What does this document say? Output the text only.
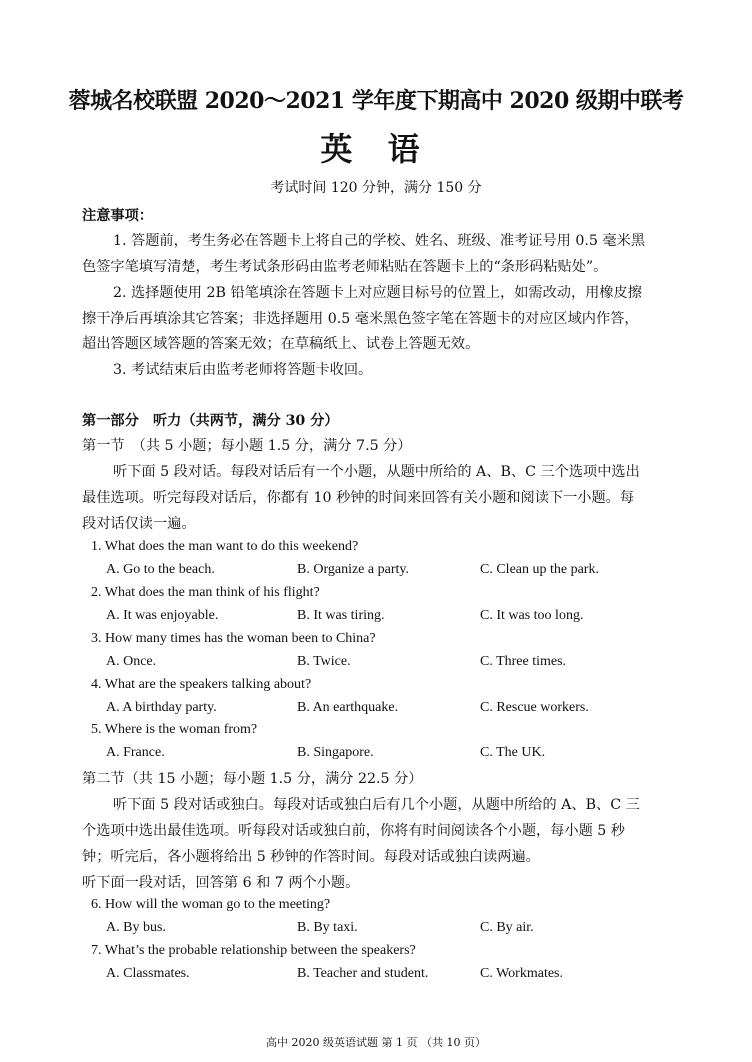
蓉城名校联盟 2020～2021 学年度下期高中 2020 级期中联考
英 语
考试时间 120 分钟，满分 150 分
注意事项：
1. 答题前，考生务必在答题卡上将自己的学校、姓名、班级、准考证号用 0.5 毫米黑
色签字笔填写清楚，考生考试条形码由监考老师粘贴在答题卡上的“条形码粘贴处”。
2. 选择题使用 2B 铅笔填涂在答题卡上对应题目标号的位置上，如需改动，用橡皮擦
擦干净后再填涂其它答案；非选择题用 0.5 毫米黑色签字笔在答题卡的对应区域内作答，
超出答题区域答题的答案无效；在草稿纸上、试卷上答题无效。
3. 考试结束后由监考老师将答题卡收回。
第一部分　听力（共两节，满分 30 分）
第一节　（共 5 小题；每小题 1.5 分，满分 7.5 分）
听下面 5 段对话。每段对话后有一个小题，从题中所给的 A、B、C 三个选项中选出
最佳选项。听完每段对话后，你都有 10 秒钟的时间来回答有关小题和阅读下一小题。每
段对话仅读一遍。
1. What does the man want to do this weekend?
A. Go to the beach.	B. Organize a party.	C. Clean up the park.
2. What does the man think of his flight?
A. It was enjoyable.	B. It was tiring.	C. It was too long.
3. How many times has the woman been to China?
A. Once.	B. Twice.	C. Three times.
4. What are the speakers talking about?
A. A birthday party.	B. An earthquake.	C. Rescue workers.
5. Where is the woman from?
A. France.	B. Singapore.	C. The UK.
第二节（共 15 小题；每小题 1.5 分，满分 22.5 分）
听下面 5 段对话或独白。每段对话或独白后有几个小题，从题中所给的 A、B、C 三
个选项中选出最佳选项。听每段对话或独白前，你将有时间阅读各个小题，每小题 5 秒
钟；听完后，各小题将给出 5 秒钟的作答时间。每段对话或独白读两遍。
听下面一段对话，回答第 6 和 7 两个小题。
6. How will the woman go to the meeting?
A. By bus.	B. By taxi.	C. By air.
7. What’s the probable relationship between the speakers?
A. Classmates.	B. Teacher and student.	C. Workmates.
高中 2020 级英语试题 第 1 页 （共 10 页）
